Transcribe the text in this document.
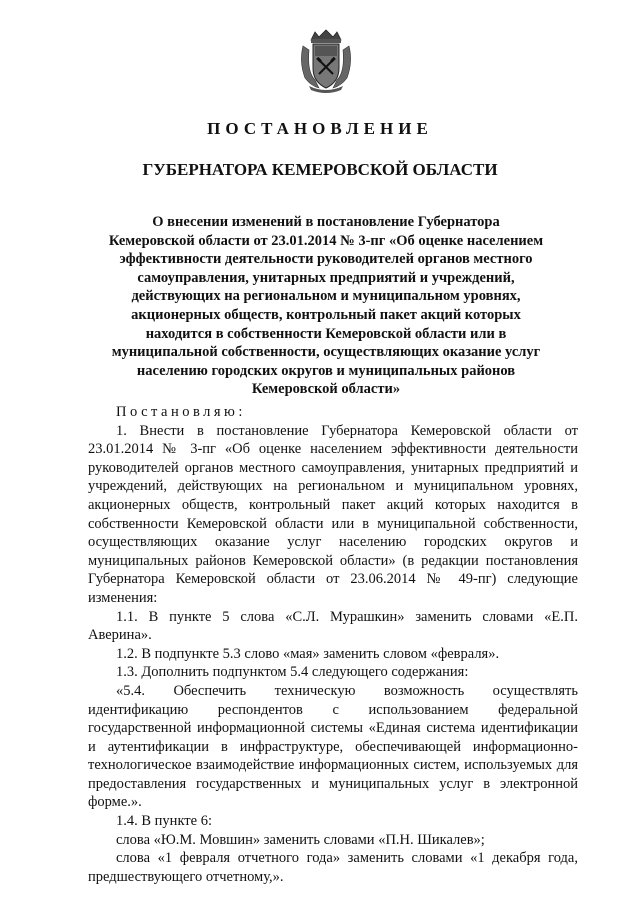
ПОСТАНОВЛЕНИЕ
ГУБЕРНАТОРА КЕМЕРОВСКОЙ ОБЛАСТИ

О внесении изменений в постановление Губернатора Кемеровской области от 23.01.2014 № 3-пг «Об оценке населением эффективности деятельности руководителей органов местного самоуправления, унитарных предприятий и учреждений, действующих на региональном и муниципальном уровнях, акционерных обществ, контрольный пакет акций которых находится в собственности Кемеровской области или в муниципальной собственности, осуществляющих оказание услуг населению городских округов и муниципальных районов Кемеровской области»

Постановляю:

1. Внести в постановление Губернатора Кемеровской области от 23.01.2014 № 3-пг «Об оценке населением эффективности деятельности руководителей органов местного самоуправления, унитарных предприятий и учреждений, действующих на региональном и муниципальном уровнях, акционерных обществ, контрольный пакет акций которых находится в собственности Кемеровской области или в муниципальной собственности, осуществляющих оказание услуг населению городских округов и муниципальных районов Кемеровской области» (в редакции постановления Губернатора Кемеровской области от 23.06.2014 № 49-пг) следующие изменения:

1.1. В пункте 5 слова «С.Л. Мурашкин» заменить словами «Е.П. Аверина».

1.2. В подпункте 5.3 слово «мая» заменить словом «февраля».

1.3. Дополнить подпунктом 5.4 следующего содержания:

«5.4. Обеспечить техническую возможность осуществлять идентификацию респондентов с использованием федеральной государственной информационной системы «Единая система идентификации и аутентификации в инфраструктуре, обеспечивающей информационно-технологическое взаимодействие информационных систем, используемых для предоставления государственных и муниципальных услуг в электронной форме.».

1.4. В пункте 6:

слова «Ю.М. Мовшин» заменить словами «П.Н. Шикалев»;

слова «1 февраля отчетного года» заменить словами «1 декабря года, предшествующего отчетному,».
